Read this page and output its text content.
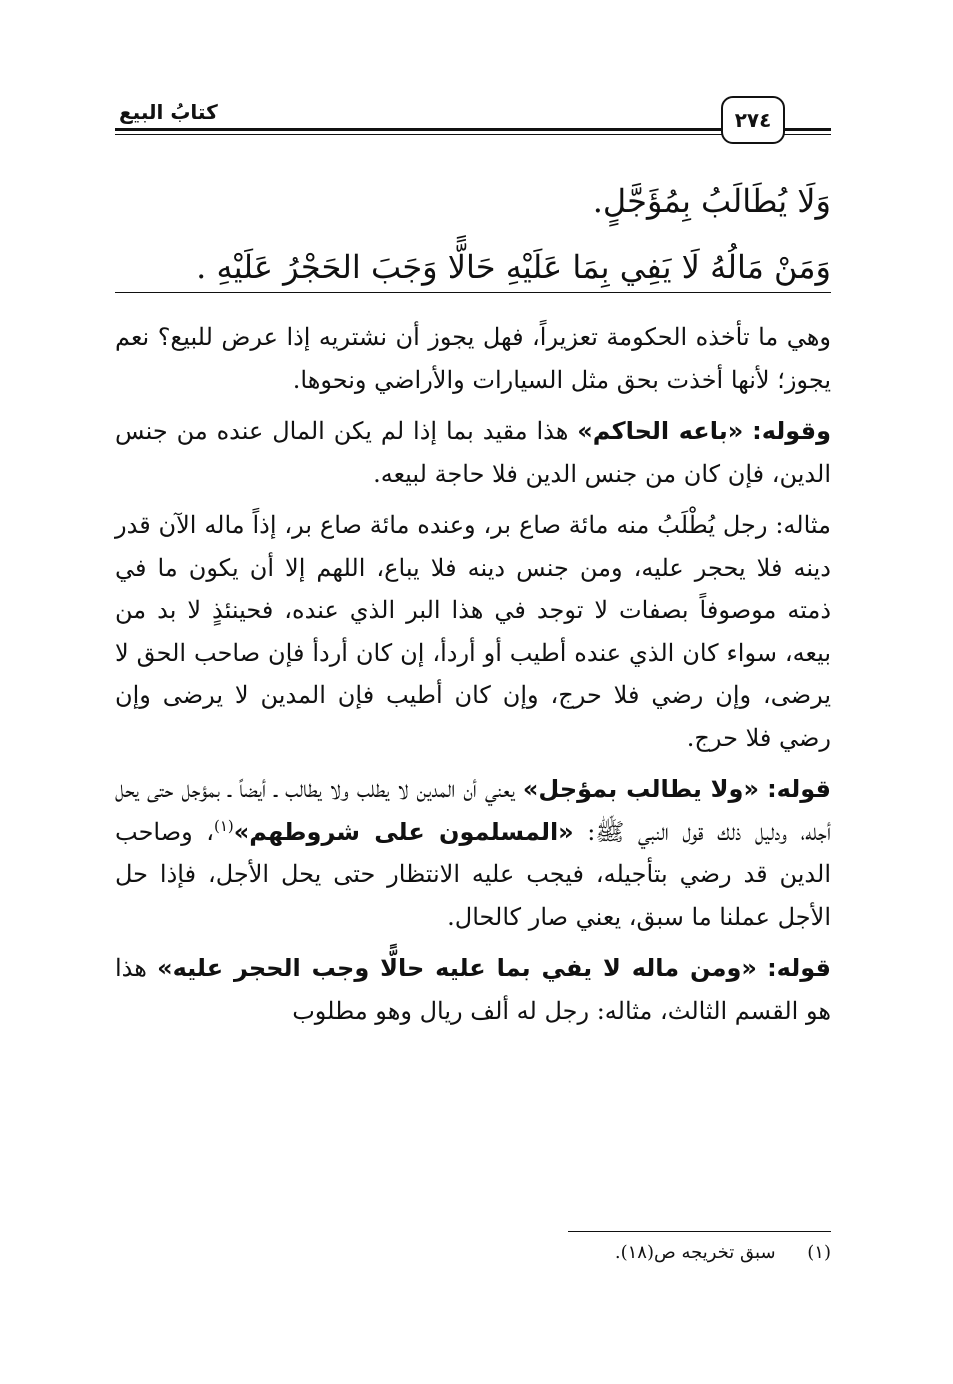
٢٧٤
كتابُ البيع
وَلَا يُطَالَبُ بِمُؤَجَّلٍ.
وَمَنْ مَالُهُ لَا يَفِي بِمَا عَلَيْهِ حَالًّا وَجَبَ الحَجْرُ عَلَيْهِ .

وهي ما تأخذه الحكومة تعزيراً، فهل يجوز أن نشتريه إذا عرض للبيع؟ نعم يجوز؛ لأنها أخذت بحق مثل السيارات والأراضي ونحوها.

وقوله: «باعه الحاكم» هذا مقيد بما إذا لم يكن المال عنده من جنس الدين، فإن كان من جنس الدين فلا حاجة لبيعه.

مثاله: رجل يُطْلَبُ منه مائة صاع بر، وعنده مائة صاع بر، إذاً ماله الآن قدر دينه فلا يحجر عليه، ومن جنس دينه فلا يباع، اللهم إلا أن يكون ما في ذمته موصوفاً بصفات لا توجد في هذا البر الذي عنده، فحينئذٍ لا بد من بيعه، سواء كان الذي عنده أطيب أو أردأ، إن كان أردأ فإن صاحب الحق لا يرضى، وإن رضي فلا حرج، وإن كان أطيب فإن المدين لا يرضى وإن رضي فلا حرج.

قوله: «ولا يطالب بمؤجل» يعني أن المدين لا يطلب ولا يطالب ـ أيضاً ـ بمؤجل حتى يحل أجله، ودليل ذلك قول النبي ﷺ: «المسلمون على شروطهم»$^{(١)}$، وصاحب الدين قد رضي بتأجيله، فيجب عليه الانتظار حتى يحل الأجل، فإذا حل الأجل عملنا ما سبق، يعني صار كالحال.

قوله: «ومن ماله لا يفي بما عليه حالًّا وجب الحجر عليه» هذا هو القسم الثالث، مثاله: رجل له ألف ريال وهو مطلوب

(١) سبق تخريجه ص(١٨).
